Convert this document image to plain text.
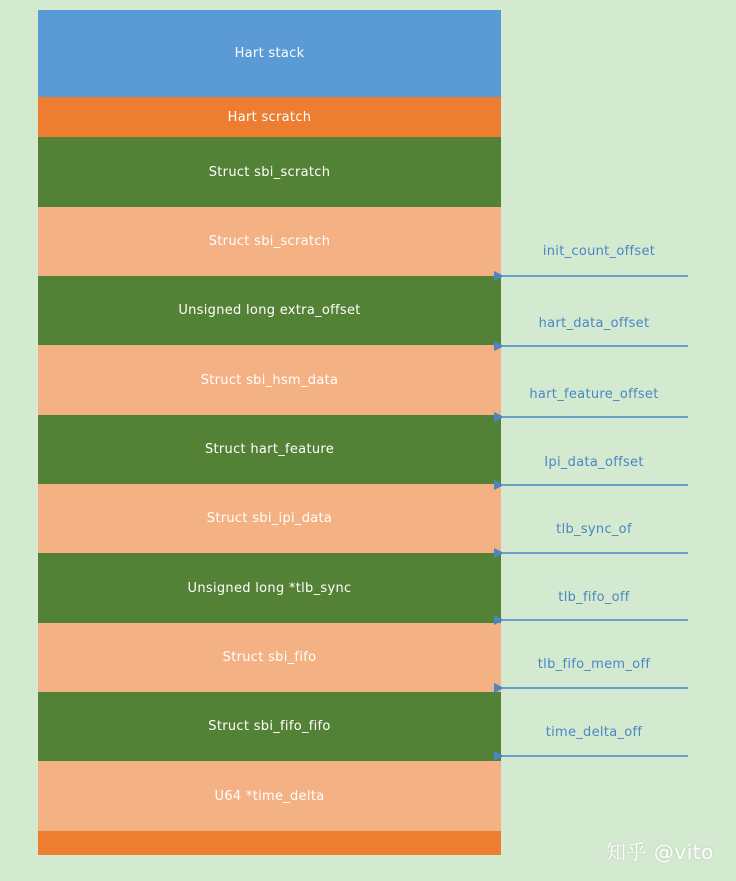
Hart stack
Hart scratch
Struct sbi_scratch
Struct sbi_scratch
Unsigned long extra_offset
Struct sbi_hsm_data
Struct hart_feature
Struct sbi_ipi_data
Unsigned long *tlb_sync
Struct sbi_fifo
Struct sbi_fifo_fifo
U64 *time_delta
init_count_offset
hart_data_offset
hart_feature_offset
Ipi_data_offset
tlb_sync_of
tlb_fifo_off
tlb_fifo_mem_off
time_delta_off
知乎 @vito
